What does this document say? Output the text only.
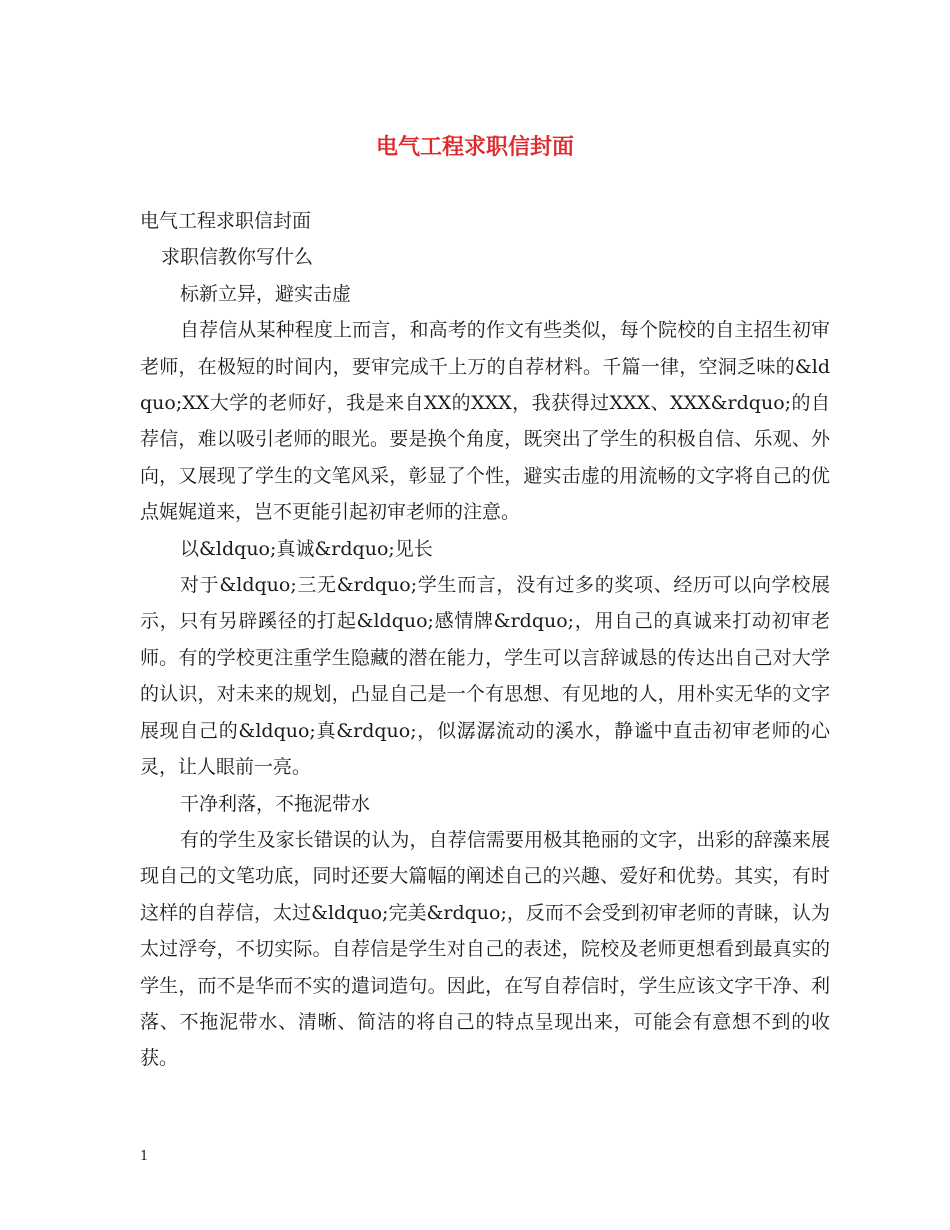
电气工程求职信封面

电气工程求职信封面

求职信教你写什么

标新立异，避实击虚

自荐信从某种程度上而言，和高考的作文有些类似，每个院校的自主招生初审老师，在极短的时间内，要审完成千上万的自荐材料。千篇一律，空洞乏味的&ldquo;XX大学的老师好，我是来自XX的XXX，我获得过XXX、XXX&rdquo;的自荐信，难以吸引老师的眼光。要是换个角度，既突出了学生的积极自信、乐观、外向，又展现了学生的文笔风采，彰显了个性，避实击虚的用流畅的文字将自己的优点娓娓道来，岂不更能引起初审老师的注意。

以&ldquo;真诚&rdquo;见长

对于&ldquo;三无&rdquo;学生而言，没有过多的奖项、经历可以向学校展示，只有另辟蹊径的打起&ldquo;感情牌&rdquo;，用自己的真诚来打动初审老师。有的学校更注重学生隐藏的潜在能力，学生可以言辞诚恳的传达出自己对大学的认识，对未来的规划，凸显自己是一个有思想、有见地的人，用朴实无华的文字展现自己的&ldquo;真&rdquo;，似潺潺流动的溪水，静谧中直击初审老师的心灵，让人眼前一亮。

干净利落，不拖泥带水

有的学生及家长错误的认为，自荐信需要用极其艳丽的文字，出彩的辞藻来展现自己的文笔功底，同时还要大篇幅的阐述自己的兴趣、爱好和优势。其实，有时这样的自荐信，太过&ldquo;完美&rdquo;，反而不会受到初审老师的青睐，认为太过浮夸，不切实际。自荐信是学生对自己的表述，院校及老师更想看到最真实的学生，而不是华而不实的遣词造句。因此，在写自荐信时，学生应该文字干净、利落、不拖泥带水、清晰、简洁的将自己的特点呈现出来，可能会有意想不到的收获。

1
